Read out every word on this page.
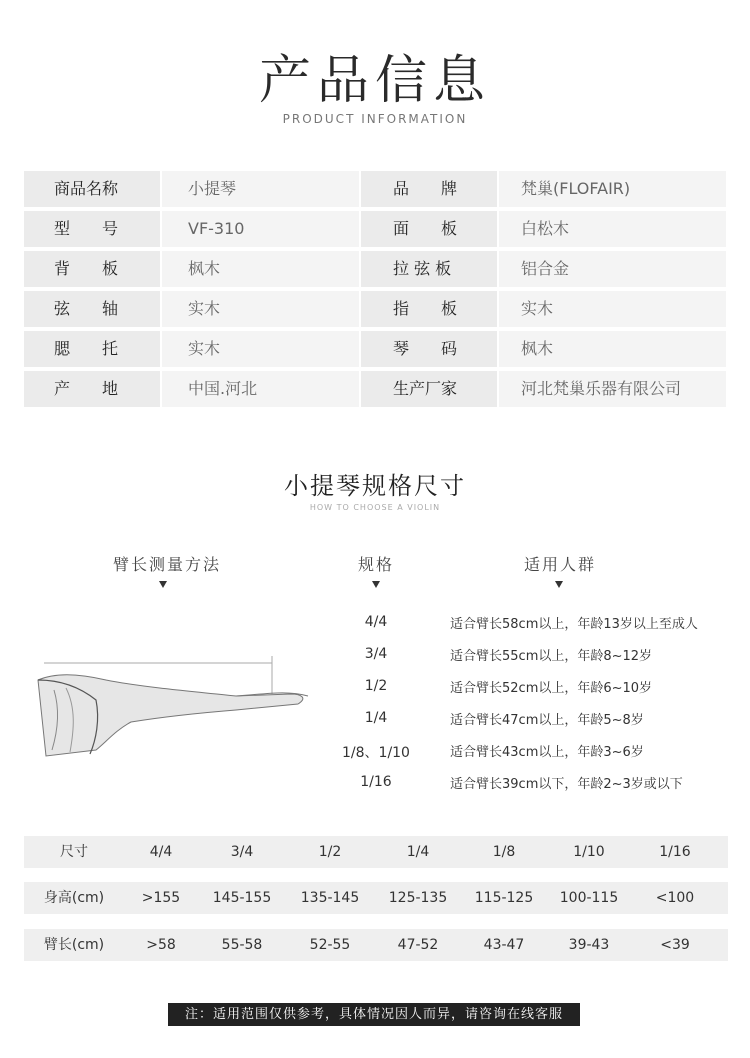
产品信息
PRODUCT INFORMATION
商品名称	小提琴	品　　牌	梵巢(FLOFAIR)
型　　号	VF-310	面　　板	白松木
背　　板	枫木	拉 弦 板	铝合金
弦　　轴	实木	指　　板	实木
腮　　托	实木	琴　　码	枫木
产　　地	中国.河北	生产厂家	河北梵巢乐器有限公司
小提琴规格尺寸
HOW TO CHOOSE A VIOLIN
臂长测量方法	规格	适用人群
4/4	适合臂长58cm以上，年龄13岁以上至成人
3/4	适合臂长55cm以上，年龄8~12岁
1/2	适合臂长52cm以上，年龄6~10岁
1/4	适合臂长47cm以上，年龄5~8岁
1/8、1/10	适合臂长43cm以上，年龄3~6岁
1/16	适合臂长39cm以下，年龄2~3岁或以下
尺寸	4/4	3/4	1/2	1/4	1/8	1/10	1/16
身高(cm)	>155	145-155	135-145	125-135	115-125	100-115	<100
臂长(cm)	>58	55-58	52-55	47-52	43-47	39-43	<39
注：适用范围仅供参考，具体情况因人而异，请咨询在线客服
